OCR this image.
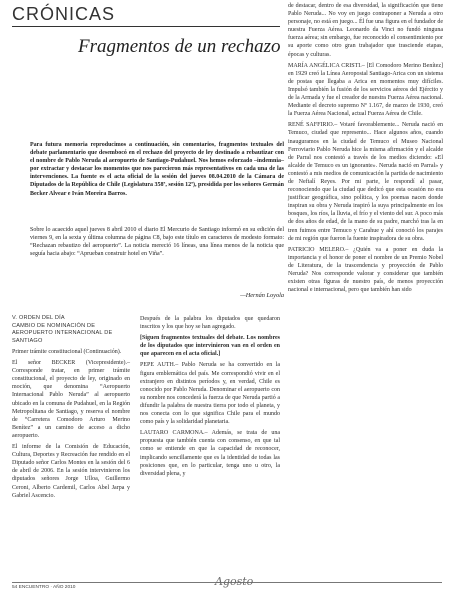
CRÓNICAS
Fragmentos de un rechazo
Para futura memoria reproducimos a continuación, sin comentarios, fragmentos textuales del debate parlamentario que desembocó en el rechazo del proyecto de ley destinado a rebautizar con el nombre de Pablo Neruda al aeropuerto de Santiago-Pudahuel. Nos hemos esforzado –indemnia– por extractar y destacar los momentos que nos parecieron más representativos en cada una de las intervenciones. La fuente es el acta oficial de la sesión del jueves 08.04.2010 de la Cámara de Diputados de la República de Chile (Legislatura 358ª, sesión 12ª), presidida por los señores Germán Becker Alvear e Iván Moreira Barros.
Sobre lo acaecido aquel jueves 8 abril 2010 el diario El Mercurio de Santiago informó en su edición del viernes 9, en la sexta y última columna de página C8, bajo este título en caracteres de modesto formato: “Rechazan rebautizo del aeropuerto”. La noticia mereció 16 líneas, una línea menos de la noticia que seguía hacia abajo: “Aprueban construir hotel en Viña”.
—Hernán Loyola
V. ORDEN DEL DÍA
CAMBIO DE NOMINACIÓN DE AEROPUERTO INTERNACIONAL DE SANTIAGO
Primer trámite constitucional (Continuación).
El señor BECKER (Vicepresidente).– Corresponde tratar, en primer trámite constitucional, el proyecto de ley, originado en moción, que denomina “Aeropuerto Internacional Pablo Neruda” al aeropuerto ubicado en la comuna de Pudahuel, en la Región Metropolitana de Santiago, y reserva el nombre de “Carretera Comodoro Arturo Merino Benítez” a un camino de acceso a dicho aeropuerto.
El informe de la Comisión de Educación, Cultura, Deportes y Recreación fue rendido en el Diputado señor Carlos Montes en la sesión del 6 de abril de 2006. En la sesión intervinieron los diputados señores Jorge Ulloa, Guillermo Ceroni, Alberto Cardemil, Carlos Abel Jarpa y Gabriel Ascencio.
Después de la palabra los diputados que quedaron inscritos y los que hoy se han agregado.
[Siguen fragmentos textuales del debate. Los nombres de los diputados que intervinieron van en el orden en que aparecen en el acta oficial.]
PEPE AUTH.– Pablo Neruda se ha convertido en la figura emblemática del país. Me correspondió vivir en el extranjero en distintos períodos y, en verdad, Chile es conocido por Pablo Neruda. Denominar el aeropuerto con su nombre nos concederá la fuerza de que Neruda partió a difundir la palabra de nuestra tierra por todo el planeta, y nos conecta con lo que significa Chile para el mundo como país y la solidaridad planetaria.
LAUTARO CARMONA.– Además, se trata de una propuesta que también cuenta con consenso, en que tal como se entiende en que la capacidad de reconocer, implicando sencillamente que es la identidad de todas las posiciones que, en lo particular, tenga uno u otro, la diversidad plena, y
de destacar, dentro de esa diversidad, la significación que tiene Pablo Neruda... No voy en juego contraponer a Neruda a otro personaje, no está en juego... Él fue una figura en el fundador de nuestra Fuerza Aérea. Leonardo da Vinci no fundó ninguna fuerza aérea; sin embargo, fue reconocido el consentimiento por su aporte como otro gran trabajador que trasciende etapas, épocas y culturas.
MARÍA ANGÉLICA CRISTI.– [El Comodoro Merino Benítez] en 1929 creó la Línea Aeropostal Santiago-Arica con un sistema de postas que llegaba a Arica en momentos muy difíciles. Impulsó también la fusión de los servicios aéreos del Ejército y de la Armada y fue el creador de nuestra Fuerza Aérea nacional. Mediante el decreto supremo Nº 1.167, de marzo de 1930, creó la Fuerza Aérea Nacional, actual Fuerza Aérea de Chile.
RENÉ SAFFIRIO.– Votaré favorablemente... Neruda nació en Temuco, ciudad que represento... Hace algunos años, cuando inauguramos en la ciudad de Temuco el Museo Nacional Ferroviario Pablo Neruda hice la misma afirmación y el alcalde de Parral nos contestó a través de los medios diciendo: «El alcalde de Temuco es un ignorante». Neruda nació en Parral» y contestó a mis medios de comunicación la partida de nacimiento de Neftalí Reyes. Por mi parte, le respondí al pasar, reconociendo que la ciudad que dedicó que esta ocasión no era justificar geográfica, sino política, y los poemas nacen donde inspiran su obra y Neruda inspiró la suya principalmente en los bosques, los ríos, la lluvia, el frío y el viento del sur. A poco más de dos años de edad, de la mano de su padre, marchó tras la en tren fuimos entre Temuco y Carahue y ahí conoció los parajes de mi región que fueron la fuente inspiradora de su obra.
PATRICIO MELERO.– ¿Quién va a poner en duda la importancia y el honor de poner el nombre de un Premio Nobel de Literatura, de la trascendencia y proyección de Pablo Neruda? Nos corresponde valorar y considerar que también existen otras figuras de nuestro país, de menos proyección nacional e internacional, pero que también han sido
54 ENCUENTRO · AÑO 2010	Agosto
